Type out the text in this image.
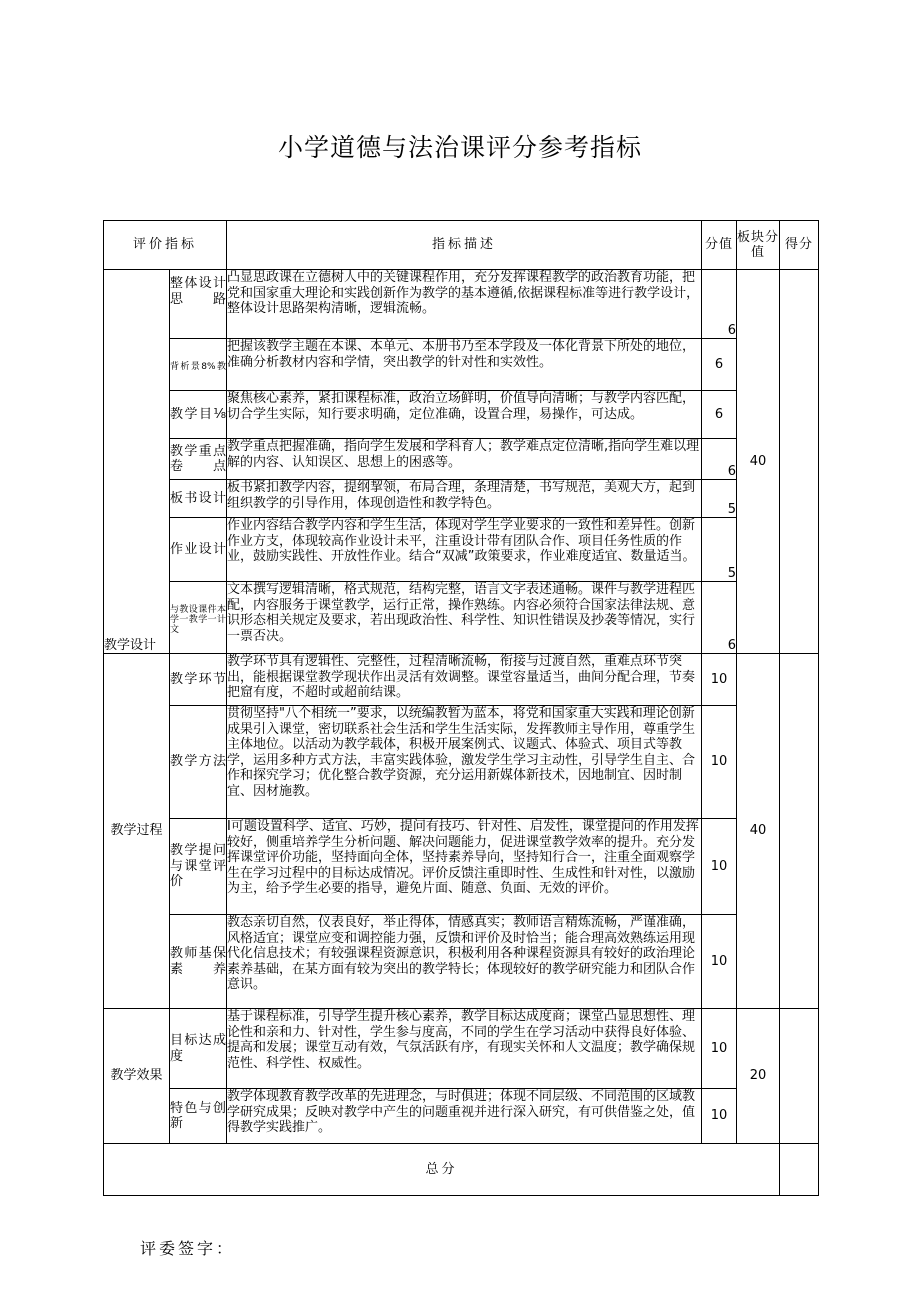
小学道德与法治课评分参考指标
评价指标		指标描述	分值	板块分值	得分
教学设计	整体设计思路	凸显思政课在立德树人中的关键课程作用，充分发挥课程教学的政治教育功能，把党和国家重大理论和实践创新作为教学的基本遵循,依据课程标准等进行教学设计，整体设计思路架构清晰，逻辑流畅。	6	40	
	背析景8%教	把握该教学主题在本课、本单元、本册书乃至本学段及一体化背景下所处的地位，准确分析教材内容和学情，突出教学的针对性和实效性。	6		
	教学目⅛	聚焦核心素养，紧扣课程标准，政治立场鲜明，价值导向清晰；与教学内容匹配，切合学生实际，知行要求明确，定位准确，设置合理，易操作，可达成。	6		
	教学重点卷点	教学重点把握准确，指向学生发展和学科育人；教学难点定位清晰,指向学生难以理解的内容、认知误区、思想上的困惑等。	6		
	板书设计	板书紧扣教学内容，提纲挈领，布局合理，条理清楚，书写规范，美观大方，起到组织教学的引导作用，体现创造性和教学特色。	5		
	作业设计	作业内容结合教学内容和学生生活，体现对学生学业要求的一致性和差异性。创新作业方支，体现较高作业设计未平，注重设计带有团队合作、项目任务性质的作业，鼓励实践性、开放性作业。结合“双减”政策要求，作业难度适宜、数量适当。	5		
	与教设课件本学一教学一计文	文本撰写逻辑清晰，格式规范，结构完整，语言文字表述通畅。课件与教学进程匹配，内容服务于课堂教学，运行正常，操作熟练。内容必须符合国家法律法规、意识形态相关规定及要求，若出现政治性、科学性、知识性错误及抄袭等情况，实行一票否决。	6		
教学过程	教学环节	教学环节具有逻辑性、完整性，过程清晰流畅，衔接与过渡自然，重难点环节突出，能根据课堂教学现状作出灵活有效调整。课堂容量适当，曲间分配合理，节奏把窟有度，不超时或超前结课。	10	40	
	教学方法	贯彻坚持"八个相统一”要求，以统编教暂为蓝本，将党和国家重大实践和理论创新成果引入课堂，密切联系社会生活和学生生活实际，发挥教师主导作用，尊重学生主体地位。以活动为教学载体，积极开展案例式、议题式、体验式、项目式等教学，运用多种方式方法，丰富实践体验，激发学生学习主动性，引导学生自主、合作和探究学习；优化整合教学资源，充分运用新媒体新技术，因地制宜、因时制宜、因材施教。	10		
	教学提问与课堂评价	I可题设置科学、适宜、巧妙，提问有技巧、针对性、启发性，课堂提问的作用发挥较好，侧重培养学生分析问题、解决问题能力，促进课堂教学效率的提升。充分发挥课堂评价功能，坚持面向全体，坚持素养导向，坚持知行合一，注重全面观察学生在学习过程中的目标达成情况。评价反馈注重即时性、生成性和针对性，以激励为主，给予学生必要的指导，避免片面、随意、负面、无效的评价。	10		
	教师基保素养	教态亲切自然，仪表良好，举止得体，情感真实；教师语言精炼流畅，严谨准确，风格适宜；课堂应变和调控能力强，反馈和评价及时恰当；能合理高效熟练运用现代化信息技术；有较强课程资源意识，积极利用各种课程资源具有较好的政治理论素养基础，在某方面有较为突出的教学特长；体现较好的教学研究能力和团队合作意识。	10		
教学效果	目标达成度	基于课程标准，引导学生提升核心素养，教学目标达成度商；课堂凸显思想性、理论性和亲和力、针对性，学生参与度高，不同的学生在学习活动中获得良好体验、提高和发展；课堂互动有效，气氛活跃有序，有现实关怀和人文温度；教学确保规范性、科学性、权威性。	10	20	
	特色与创新	教学体现教育教学改革的先进理念，与时俱进；体现不同层级、不同范围的区域教学研究成果；反映对教学中产生的问题重视并进行深入研究，有可供借鉴之处，值得教学实践推广。	10		
总分					
评委签字：
